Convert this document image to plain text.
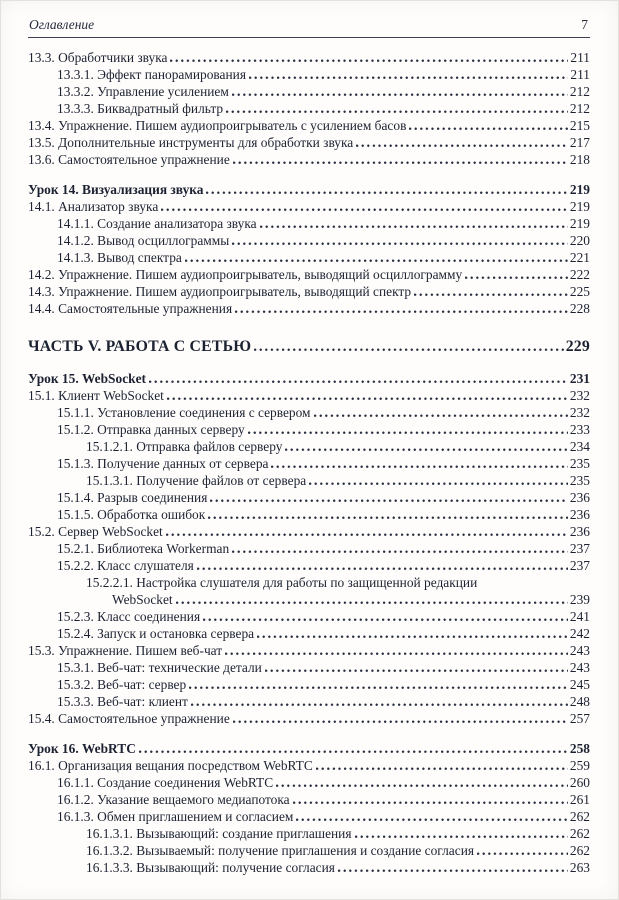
Оглавление	7
13.3. Обработчики звука	211
13.3.1. Эффект панорамирования	211
13.3.2. Управление усилением	212
13.3.3. Биквадратный фильтр	212
13.4. Упражнение. Пишем аудиопроигрыватель с усилением басов	215
13.5. Дополнительные инструменты для обработки звука	217
13.6. Самостоятельное упражнение	218
Урок 14. Визуализация звука	219
14.1. Анализатор звука	219
14.1.1. Создание анализатора звука	219
14.1.2. Вывод осциллограммы	220
14.1.3. Вывод спектра	221
14.2. Упражнение. Пишем аудиопроигрыватель, выводящий осциллограмму	222
14.3. Упражнение. Пишем аудиопроигрыватель, выводящий спектр	225
14.4. Самостоятельные упражнения	228
ЧАСТЬ V. РАБОТА С СЕТЬЮ	229
Урок 15. WebSocket	231
15.1. Клиент WebSocket	232
15.1.1. Установление соединения с сервером	232
15.1.2. Отправка данных серверу	233
15.1.2.1. Отправка файлов серверу	234
15.1.3. Получение данных от сервера	235
15.1.3.1. Получение файлов от сервера	235
15.1.4. Разрыв соединения	236
15.1.5. Обработка ошибок	236
15.2. Сервер WebSocket	236
15.2.1. Библиотека Workerman	237
15.2.2. Класс слушателя	237
15.2.2.1. Настройка слушателя для работы по защищенной редакции
WebSocket	239
15.2.3. Класс соединения	241
15.2.4. Запуск и остановка сервера	242
15.3. Упражнение. Пишем веб-чат	243
15.3.1. Веб-чат: технические детали	243
15.3.2. Веб-чат: сервер	245
15.3.3. Веб-чат: клиент	248
15.4. Самостоятельное упражнение	257
Урок 16. WebRTC	258
16.1. Организация вещания посредством WebRTC	259
16.1.1. Создание соединения WebRTC	260
16.1.2. Указание вещаемого медиапотока	261
16.1.3. Обмен приглашением и согласием	262
16.1.3.1. Вызывающий: создание приглашения	262
16.1.3.2. Вызываемый: получение приглашения и создание согласия	262
16.1.3.3. Вызывающий: получение согласия	263
